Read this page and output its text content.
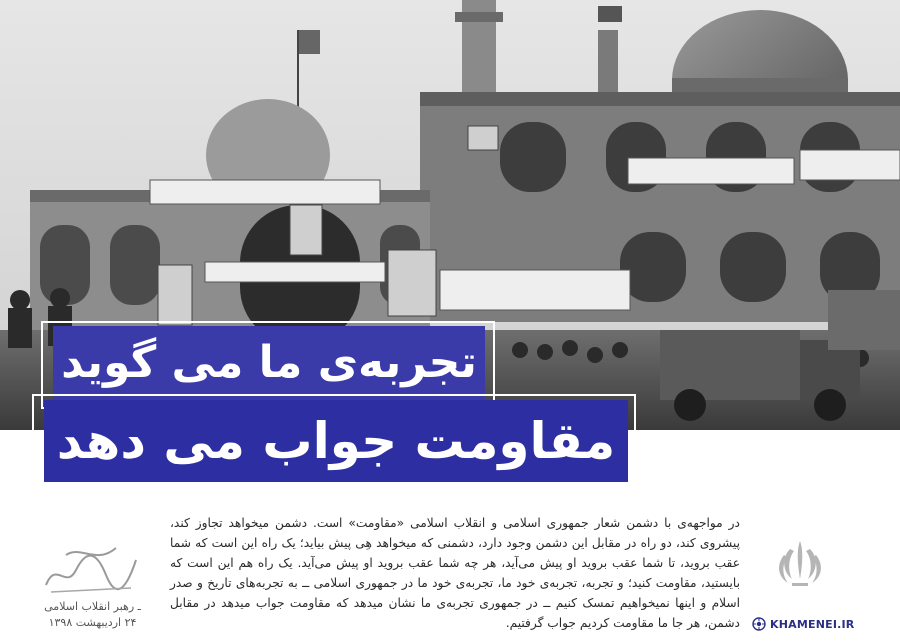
تجربه‌ی ما می گوید
مقاومت جواب می دهد
در مواجهه‌ی با دشمن شعار جمهوری اسلامی و انقلاب اسلامی «مقاومت» است. دشمن میخواهد تجاوز کند، پیشروی کند، دو راه در مقابل این دشمن وجود دارد، دشمنی که میخواهد هِی پیش بیاید؛ یک راه این است که شما عقب بروید، تا شما عقب بروید او پیش می‌آید، هر چه شما عقب بروید او پیش می‌آید. یک راه هم این است که بایستید، مقاومت کنید؛ و تجربه، تجربه‌ی خود ما، تجربه‌ی خود ما در جمهوری اسلامی ــ به تجربه‌های تاریخ و صدر اسلام و اینها نمیخواهیم تمسک کنیم ــ در جمهوری تجربه‌ی ما نشان میدهد که مقاومت جواب میدهد در مقابل دشمن، هر جا ما مقاومت کردیم جواب گرفتیم.
ـ رهبر انقلاب اسلامی
۲۴ اردیبهشت ۱۳۹۸	KHAMENEI.IR
